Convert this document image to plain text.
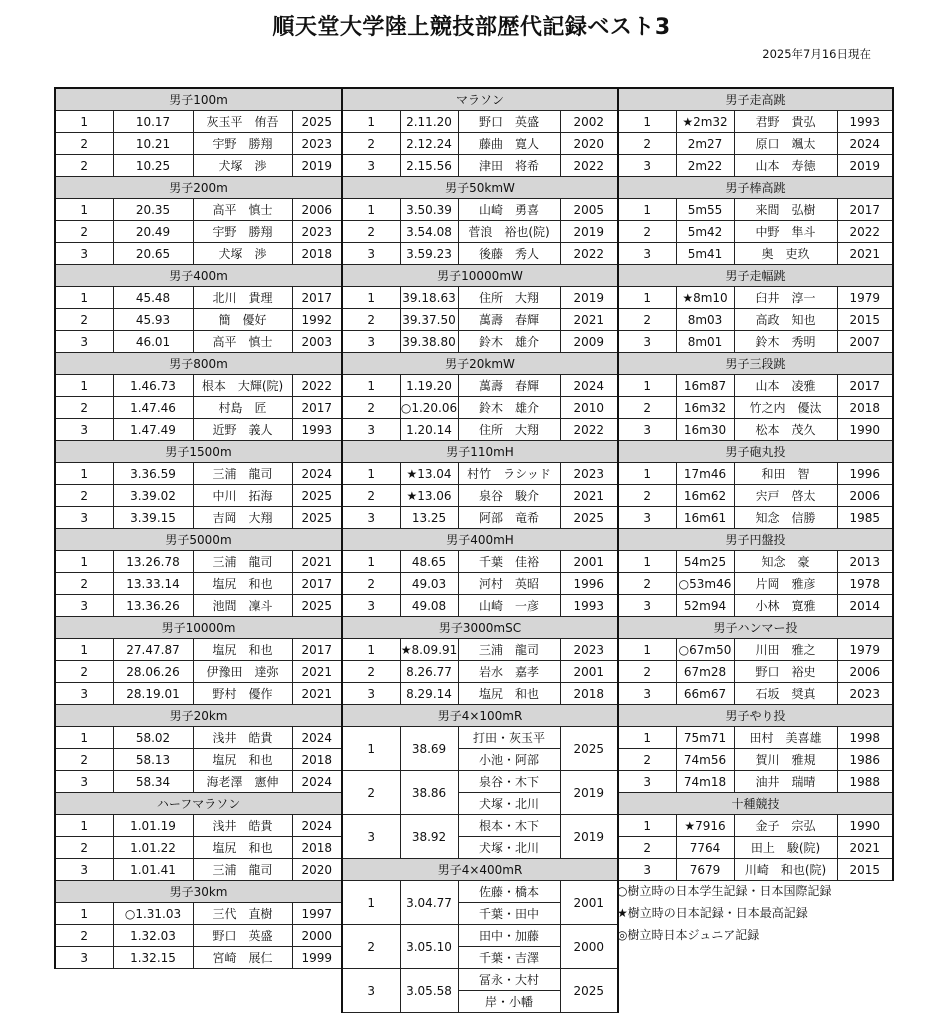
順天堂大学陸上競技部歴代記録ベスト3
2025年7月16日現在
男子100m			
1	10.17	灰玉平　侑吾	2025
2	10.21	宇野　勝翔	2023
2	10.25	犬塚　渉	2019
男子200m			
1	20.35	高平　慎士	2006
2	20.49	宇野　勝翔	2023
3	20.65	犬塚　渉	2018
男子400m			
1	45.48	北川　貴理	2017
2	45.93	簡　優好	1992
3	46.01	高平　慎士	2003
男子800m			
1	1.46.73	根本　大輝(院)	2022
2	1.47.46	村島　匠	2017
3	1.47.49	近野　義人	1993
男子1500m			
1	3.36.59	三浦　龍司	2024
2	3.39.02	中川　拓海	2025
3	3.39.15	吉岡　大翔	2025
男子5000m			
1	13.26.78	三浦　龍司	2021
2	13.33.14	塩尻　和也	2017
3	13.36.26	池間　凜斗	2025
男子10000m			
1	27.47.87	塩尻　和也	2017
2	28.06.26	伊豫田　達弥	2021
3	28.19.01	野村　優作	2021
男子20km			
1	58.02	浅井　皓貴	2024
2	58.13	塩尻　和也	2018
3	58.34	海老澤　憲伸	2024
ハーフマラソン			
1	1.01.19	浅井　皓貴	2024
2	1.01.22	塩尻　和也	2018
3	1.01.41	三浦　龍司	2020
男子30km			
1	○1.31.03	三代　直樹	1997
2	1.32.03	野口　英盛	2000
3	1.32.15	宮崎　展仁	1999
マラソン			
1	2.11.20	野口　英盛	2002
2	2.12.24	藤曲　寛人	2020
3	2.15.56	津田　将希	2022
男子50kmW			
1	3.50.39	山崎　勇喜	2005
2	3.54.08	菅浪　裕也(院)	2019
3	3.59.23	後藤　秀人	2022
男子10000mW			
1	39.18.63	住所　大翔	2019
2	39.37.50	萬壽　春輝	2021
3	39.38.80	鈴木　雄介	2009
男子20kmW			
1	1.19.20	萬壽　春輝	2024
2	○1.20.06	鈴木　雄介	2010
3	1.20.14	住所　大翔	2022
男子110mH			
1	★13.04	村竹　ラシッド	2023
2	★13.06	泉谷　駿介	2021
3	13.25	阿部　竜希	2025
男子400mH			
1	48.65	千葉　佳裕	2001
2	49.03	河村　英昭	1996
3	49.08	山崎　一彦	1993
男子3000mSC			
1	★8.09.91	三浦　龍司	2023
2	8.26.77	岩水　嘉孝	2001
3	8.29.14	塩尻　和也	2018
男子4×100mR			
1	38.69	打田・灰玉平	2025
		小池・阿部	
2	38.86	泉谷・木下	2019
		犬塚・北川	
3	38.92	根本・木下	2019
		犬塚・北川	
男子4×400mR			
1	3.04.77	佐藤・橋本	2001
		千葉・田中	
2	3.05.10	田中・加藤	2000
		千葉・吉澤	
3	3.05.58	冨永・大村	2025
		岸・小幡	
男子走高跳			
1	★2m32	君野　貴弘	1993
2	2m27	原口　颯太	2024
3	2m22	山本　寿徳	2019
男子棒高跳			
1	5m55	来間　弘樹	2017
2	5m42	中野　隼斗	2022
3	5m41	奥　吏玖	2021
男子走幅跳			
1	★8m10	臼井　淳一	1979
2	8m03	高政　知也	2015
3	8m01	鈴木　秀明	2007
男子三段跳			
1	16m87	山本　凌雅	2017
2	16m32	竹之内　優汰	2018
3	16m30	松本　茂久	1990
男子砲丸投			
1	17m46	和田　智	1996
2	16m62	宍戸　啓太	2006
3	16m61	知念　信勝	1985
男子円盤投			
1	54m25	知念　豪	2013
2	○53m46	片岡　雅彦	1978
3	52m94	小林　寛雅	2014
男子ハンマー投			
1	○67m50	川田　雅之	1979
2	67m28	野口　裕史	2006
3	66m67	石坂　奨真	2023
男子やり投			
1	75m71	田村　美喜雄	1998
2	74m56	賀川　雅規	1986
3	74m18	油井　瑞晴	1988
十種競技			
1	★7916	金子　宗弘	1990
2	7764	田上　駿(院)	2021
3	7679	川崎　和也(院)	2015
○樹立時の日本学生記録・日本国際記録
★樹立時の日本記録・日本最高記録
◎樹立時日本ジュニア記録
